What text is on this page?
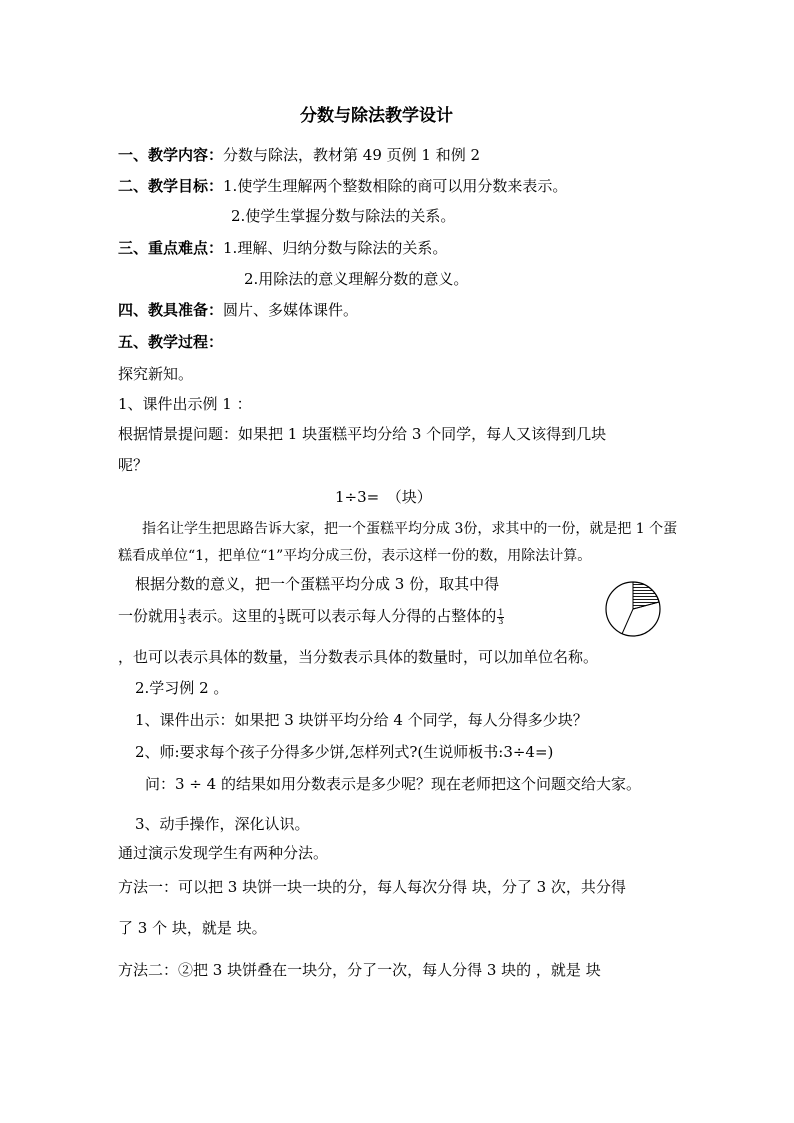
分数与除法教学设计
一、教学内容：分数与除法，教材第 49 页例 1 和例 2
二、教学目标：1.使学生理解两个整数相除的商可以用分数来表示。
2.使学生掌握分数与除法的关系。
三、重点难点：1.理解、归纳分数与除法的关系。
2.用除法的意义理解分数的意义。
四、教具准备：圆片、多媒体课件。
五、教学过程：
探究新知。
1、课件出示例 1 ：
根据情景提问题：如果把 1 块蛋糕平均分给 3 个同学，每人又该得到几块
呢？
1÷3=　（块）
指名让学生把思路告诉大家，把一个蛋糕平均分成 3份，求其中的一份，就是把 1 个蛋
糕看成单位“1，把单位“1”平均分成三份，表示这样一份的数，用除法计算。
根据分数的意义，把一个蛋糕平均分成 3 份，取其中得
一份就用 $\frac{1}{3}$ 表示。这里的 $\frac{1}{3}$ 既可以表示每人分得的占整体的 $\frac{1}{3}$
，也可以表示具体的数量，当分数表示具体的数量时，可以加单位名称。
2.学习例 2 。
1、课件出示：如果把 3 块饼平均分给 4 个同学，每人分得多少块？
2、师:要求每个孩子分得多少饼,怎样列式?(生说师板书:3÷4=)
问：3 ÷ 4 的结果如用分数表示是多少呢？现在老师把这个问题交给大家。
3、动手操作，深化认识。
通过演示发现学生有两种分法。
方法一：可以把 3 块饼一块一块的分，每人每次分得 块，分了 3 次，共分得
了 3 个 块，就是 块。
方法二：②把 3 块饼叠在一块分，分了一次，每人分得 3 块的 ，就是 块
